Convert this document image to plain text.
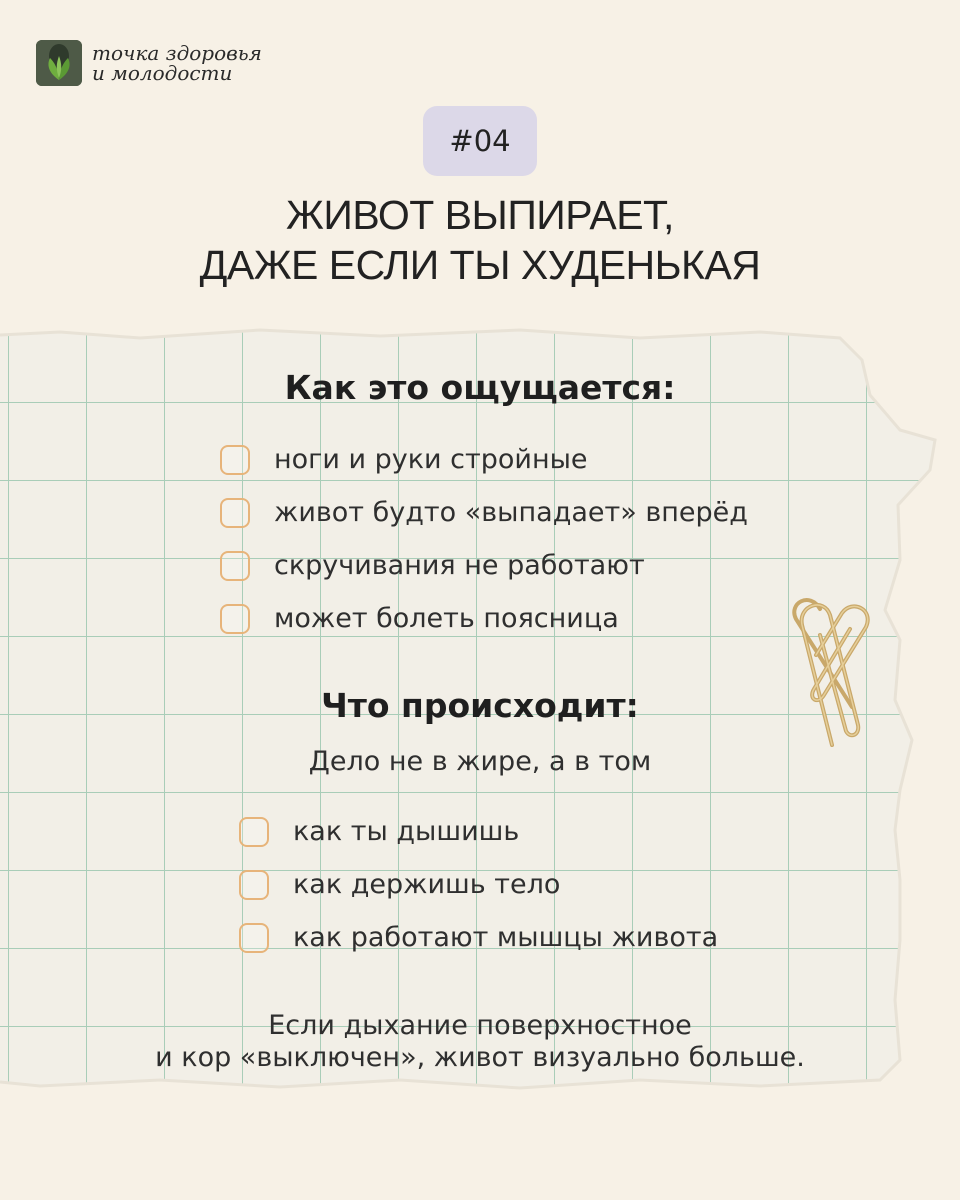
точка здоровья
и молодости
#04
ЖИВОТ ВЫПИРАЕТ,
ДАЖЕ ЕСЛИ ТЫ ХУДЕНЬКАЯ
Как это ощущается:
ноги и руки стройные
живот будто «выпадает» вперёд
скручивания не работают
может болеть поясница
Что происходит:
Дело не в жире, а в том
как ты дышишь
как держишь тело
как работают мышцы живота
Если дыхание поверхностное
и кор «выключен», живот визуально больше.
